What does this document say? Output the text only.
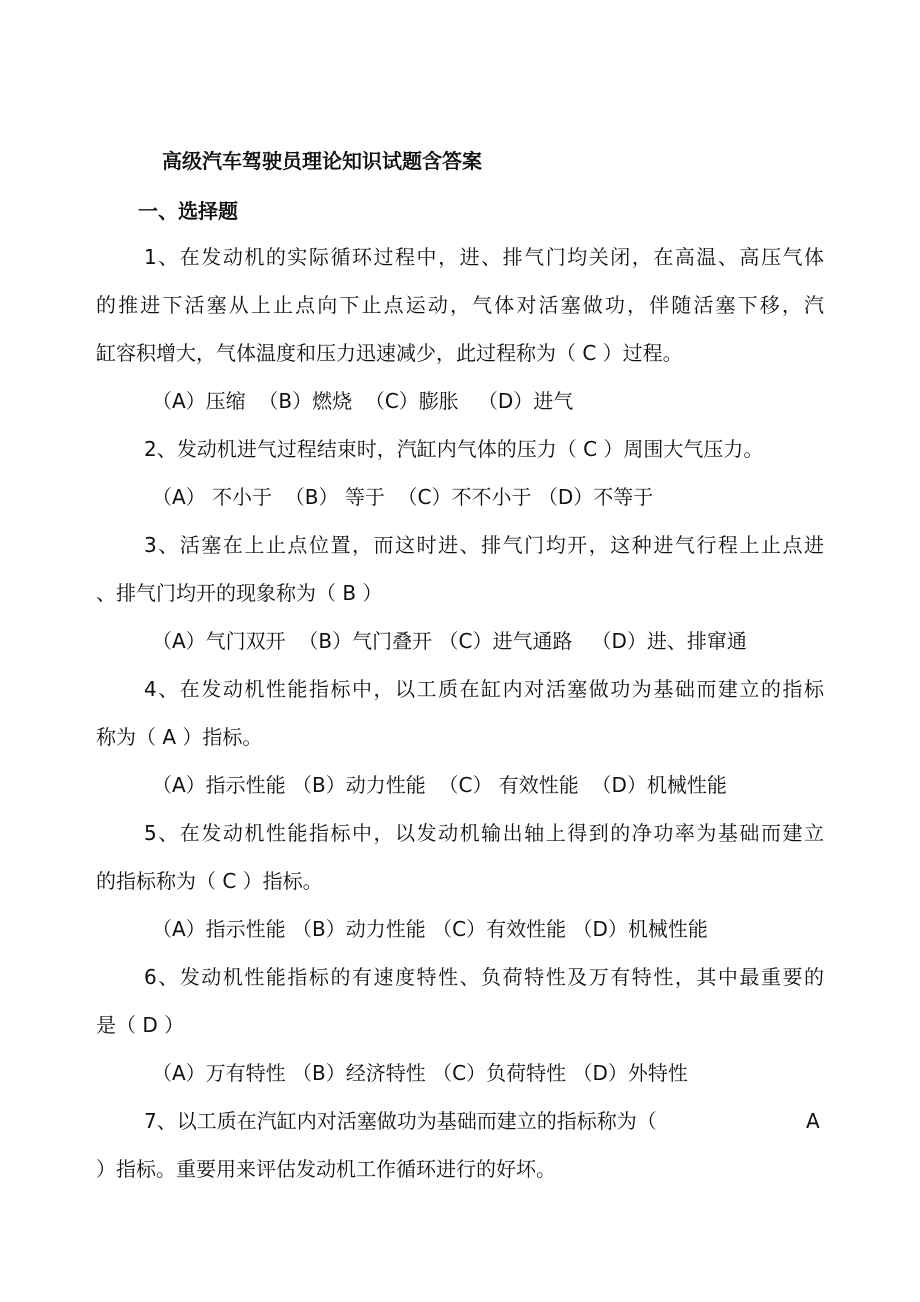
高级汽车驾驶员理论知识试题含答案

一、选择题

1、在发动机的实际循环过程中，进、排气门均关闭，在高温、高压气体

的推进下活塞从上止点向下止点运动，气体对活塞做功，伴随活塞下移，汽

缸容积增大，气体温度和压力迅速减少，此过程称为（ C ）过程。

（A）压缩  （B）燃烧  （C）膨胀   （D）进气

2、发动机进气过程结束时，汽缸内气体的压力（ C ）周围大气压力。

（A） 不小于  （B） 等于  （C）不不小于 （D）不等于

3、活塞在上止点位置，而这时进、排气门均开，这种进气行程上止点进

、排气门均开的现象称为（ B ）

（A）气门双开  （B）气门叠开 （C）进气通路   （D）进、排窜通

4、在发动机性能指标中，以工质在缸内对活塞做功为基础而建立的指标

称为（ A ）指标。

（A）指示性能 （B）动力性能  （C） 有效性能  （D）机械性能

5、在发动机性能指标中，以发动机输出轴上得到的净功率为基础而建立

的指标称为（ C ）指标。

（A）指示性能 （B）动力性能 （C）有效性能 （D）机械性能

6、发动机性能指标的有速度特性、负荷特性及万有特性，其中最重要的

是（ D ）

（A）万有特性 （B）经济特性 （C）负荷特性 （D）外特性

7、以工质在汽缸内对活塞做功为基础而建立的指标称为（	A

）指标。重要用来评估发动机工作循环进行的好坏。
